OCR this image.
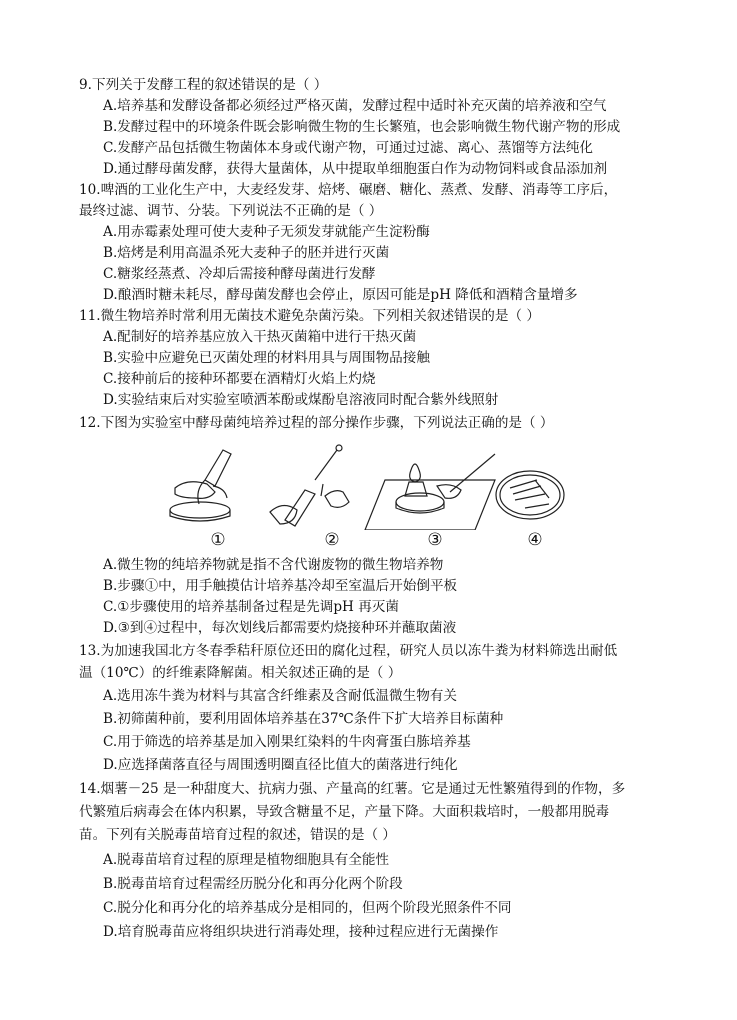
9.下列关于发酵工程的叙述错误的是（ ）
A.培养基和发酵设备都必须经过严格灭菌，发酵过程中适时补充灭菌的培养液和空气
B.发酵过程中的环境条件既会影响微生物的生长繁殖，也会影响微生物代谢产物的形成
C.发酵产品包括微生物菌体本身或代谢产物，可通过过滤、离心、蒸馏等方法纯化
D.通过酵母菌发酵，获得大量菌体，从中提取单细胞蛋白作为动物饲料或食品添加剂
10.啤酒的工业化生产中，大麦经发芽、焙烤、碾磨、糖化、蒸煮、发酵、消毒等工序后，
最终过滤、调节、分装。下列说法不正确的是（ ）
A.用赤霉素处理可使大麦种子无须发芽就能产生淀粉酶
B.焙烤是利用高温杀死大麦种子的胚并进行灭菌
C.糖浆经蒸煮、冷却后需接种酵母菌进行发酵
D.酿酒时糖未耗尽，酵母菌发酵也会停止，原因可能是pH 降低和酒精含量增多
11.微生物培养时常利用无菌技术避免杂菌污染。下列相关叙述错误的是（ ）
A.配制好的培养基应放入干热灭菌箱中进行干热灭菌
B.实验中应避免已灭菌处理的材料用具与周围物品接触
C.接种前后的接种环都要在酒精灯火焰上灼烧
D.实验结束后对实验室喷洒苯酚或煤酚皂溶液同时配合紫外线照射
12.下图为实验室中酵母菌纯培养过程的部分操作步骤，下列说法正确的是（ ）
①	②	③	④
A.微生物的纯培养物就是指不含代谢废物的微生物培养物
B.步骤①中，用手触摸估计培养基冷却至室温后开始倒平板
C.①步骤使用的培养基制备过程是先调pH 再灭菌
D.③到④过程中，每次划线后都需要灼烧接种环并蘸取菌液
13.为加速我国北方冬春季秸秆原位还田的腐化过程，研究人员以冻牛粪为材料筛选出耐低
温（10℃）的纤维素降解菌。相关叙述正确的是（ ）
A.选用冻牛粪为材料与其富含纤维素及含耐低温微生物有关
B.初筛菌种前，要利用固体培养基在37℃条件下扩大培养目标菌种
C.用于筛选的培养基是加入刚果红染料的牛肉膏蛋白胨培养基
D.应选择菌落直径与周围透明圈直径比值大的菌落进行纯化
14.烟薯－25 是一种甜度大、抗病力强、产量高的红薯。它是通过无性繁殖得到的作物，多
代繁殖后病毒会在体内积累，导致含糖量不足，产量下降。大面积栽培时，一般都用脱毒
苗。下列有关脱毒苗培育过程的叙述，错误的是（ ）
A.脱毒苗培育过程的原理是植物细胞具有全能性
B.脱毒苗培育过程需经历脱分化和再分化两个阶段
C.脱分化和再分化的培养基成分是相同的，但两个阶段光照条件不同
D.培育脱毒苗应将组织块进行消毒处理，接种过程应进行无菌操作
